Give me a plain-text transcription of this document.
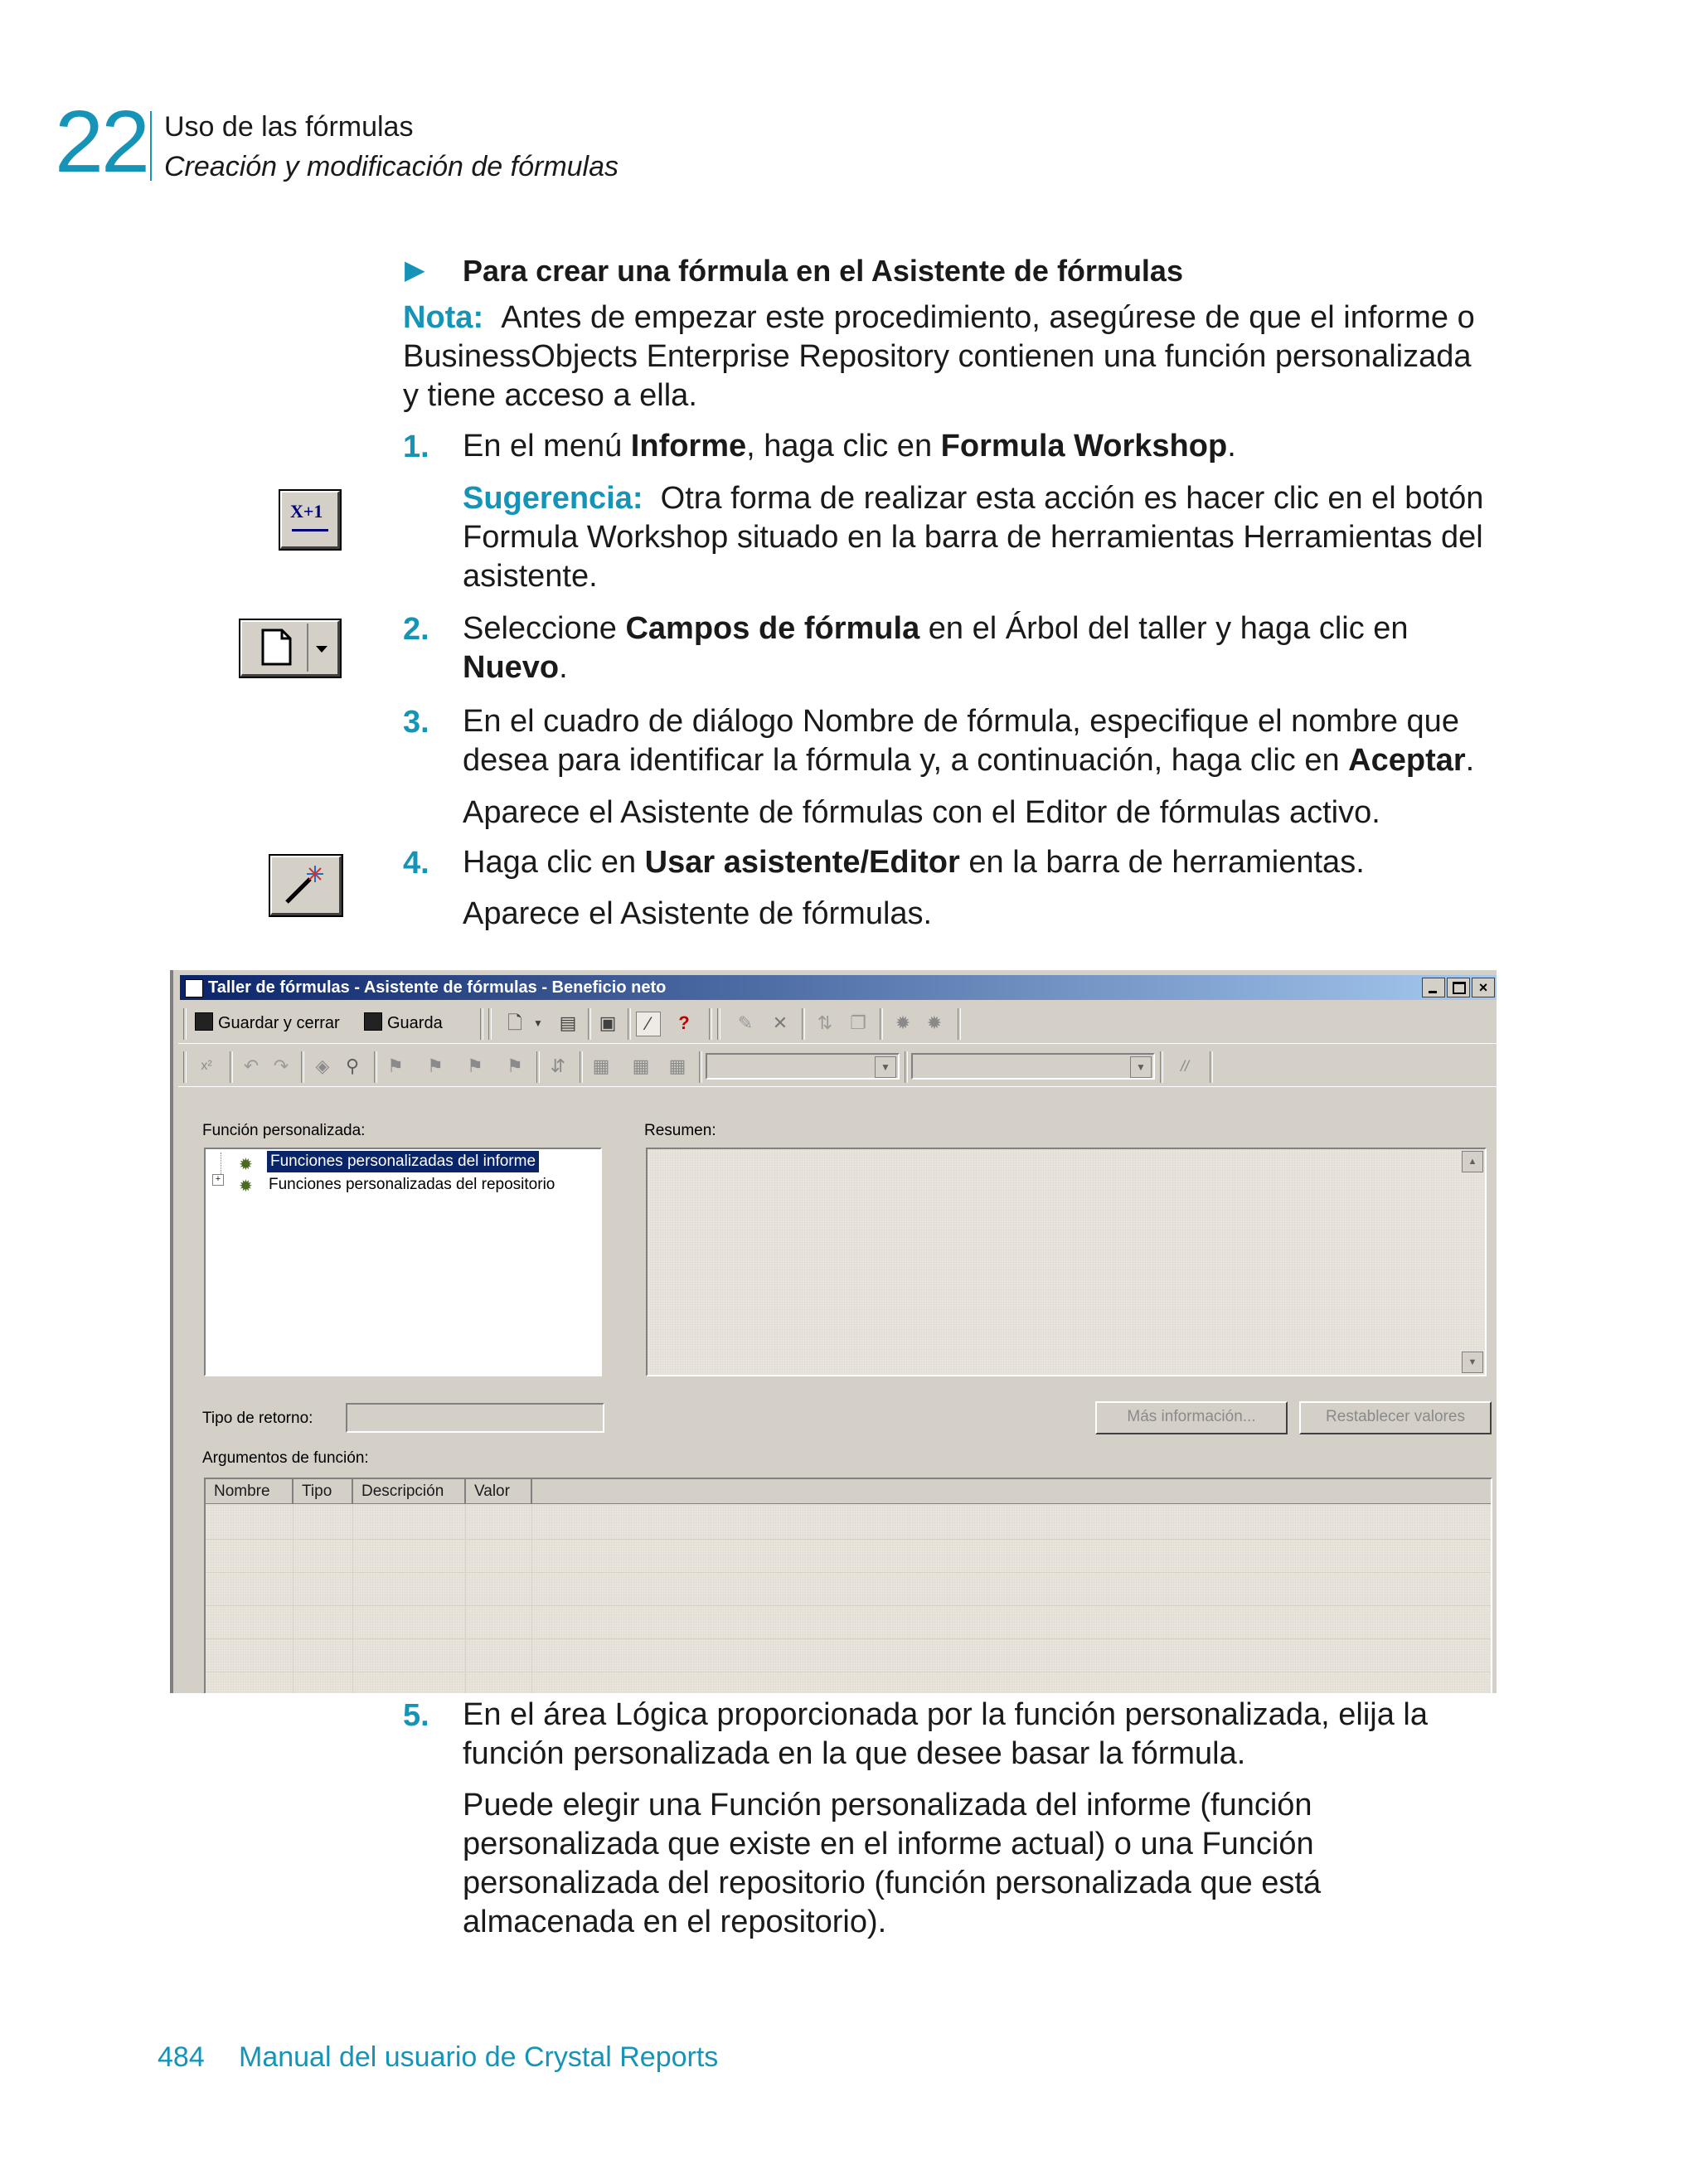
22 Uso de las fórmulas
Creación y modificación de fórmulas
▶ Para crear una fórmula en el Asistente de fórmulas
Nota: Antes de empezar este procedimiento, asegúrese de que el informe o
BusinessObjects Enterprise Repository contienen una función personalizada
y tiene acceso a ella.
1. En el menú Informe, haga clic en Formula Workshop.
X+1	Sugerencia: Otra forma de realizar esta acción es hacer clic en el botón
Formula Workshop situado en la barra de herramientas Herramientas del
asistente.
2. Seleccione Campos de fórmula en el Árbol del taller y haga clic en
Nuevo.
3. En el cuadro de diálogo Nombre de fórmula, especifique el nombre que
desea para identificar la fórmula y, a continuación, haga clic en Aceptar.
Aparece el Asistente de fórmulas con el Editor de fórmulas activo.
4. Haga clic en Usar asistente/Editor en la barra de herramientas.
Aparece el Asistente de fórmulas.
Taller de fórmulas - Asistente de fórmulas - Beneficio neto	×
Guardar y cerrar	Guarda	🗋	▼ ▤ ▣	⁄	?	✎ ✕ ⇅ ❐ ✹ ✹
x²	↶ ↷ ◈ ⚲ ⚑ ⚑ ⚑ ⚑ ⇵ ▦ ▦ ▦	▼	▼	//
Función personalizada:
+
✹ Funciones personalizadas del informe
✹ Funciones personalizadas del repositorio
Resumen:
▲
▼
Tipo de retorno:	Más información...	Restablecer valores
Argumentos de función:
Nombre	Tipo	Descripción	Valor
5. En el área Lógica proporcionada por la función personalizada, elija la
función personalizada en la que desee basar la fórmula.
Puede elegir una Función personalizada del informe (función
personalizada que existe en el informe actual) o una Función
personalizada del repositorio (función personalizada que está
almacenada en el repositorio).
484 Manual del usuario de Crystal Reports
